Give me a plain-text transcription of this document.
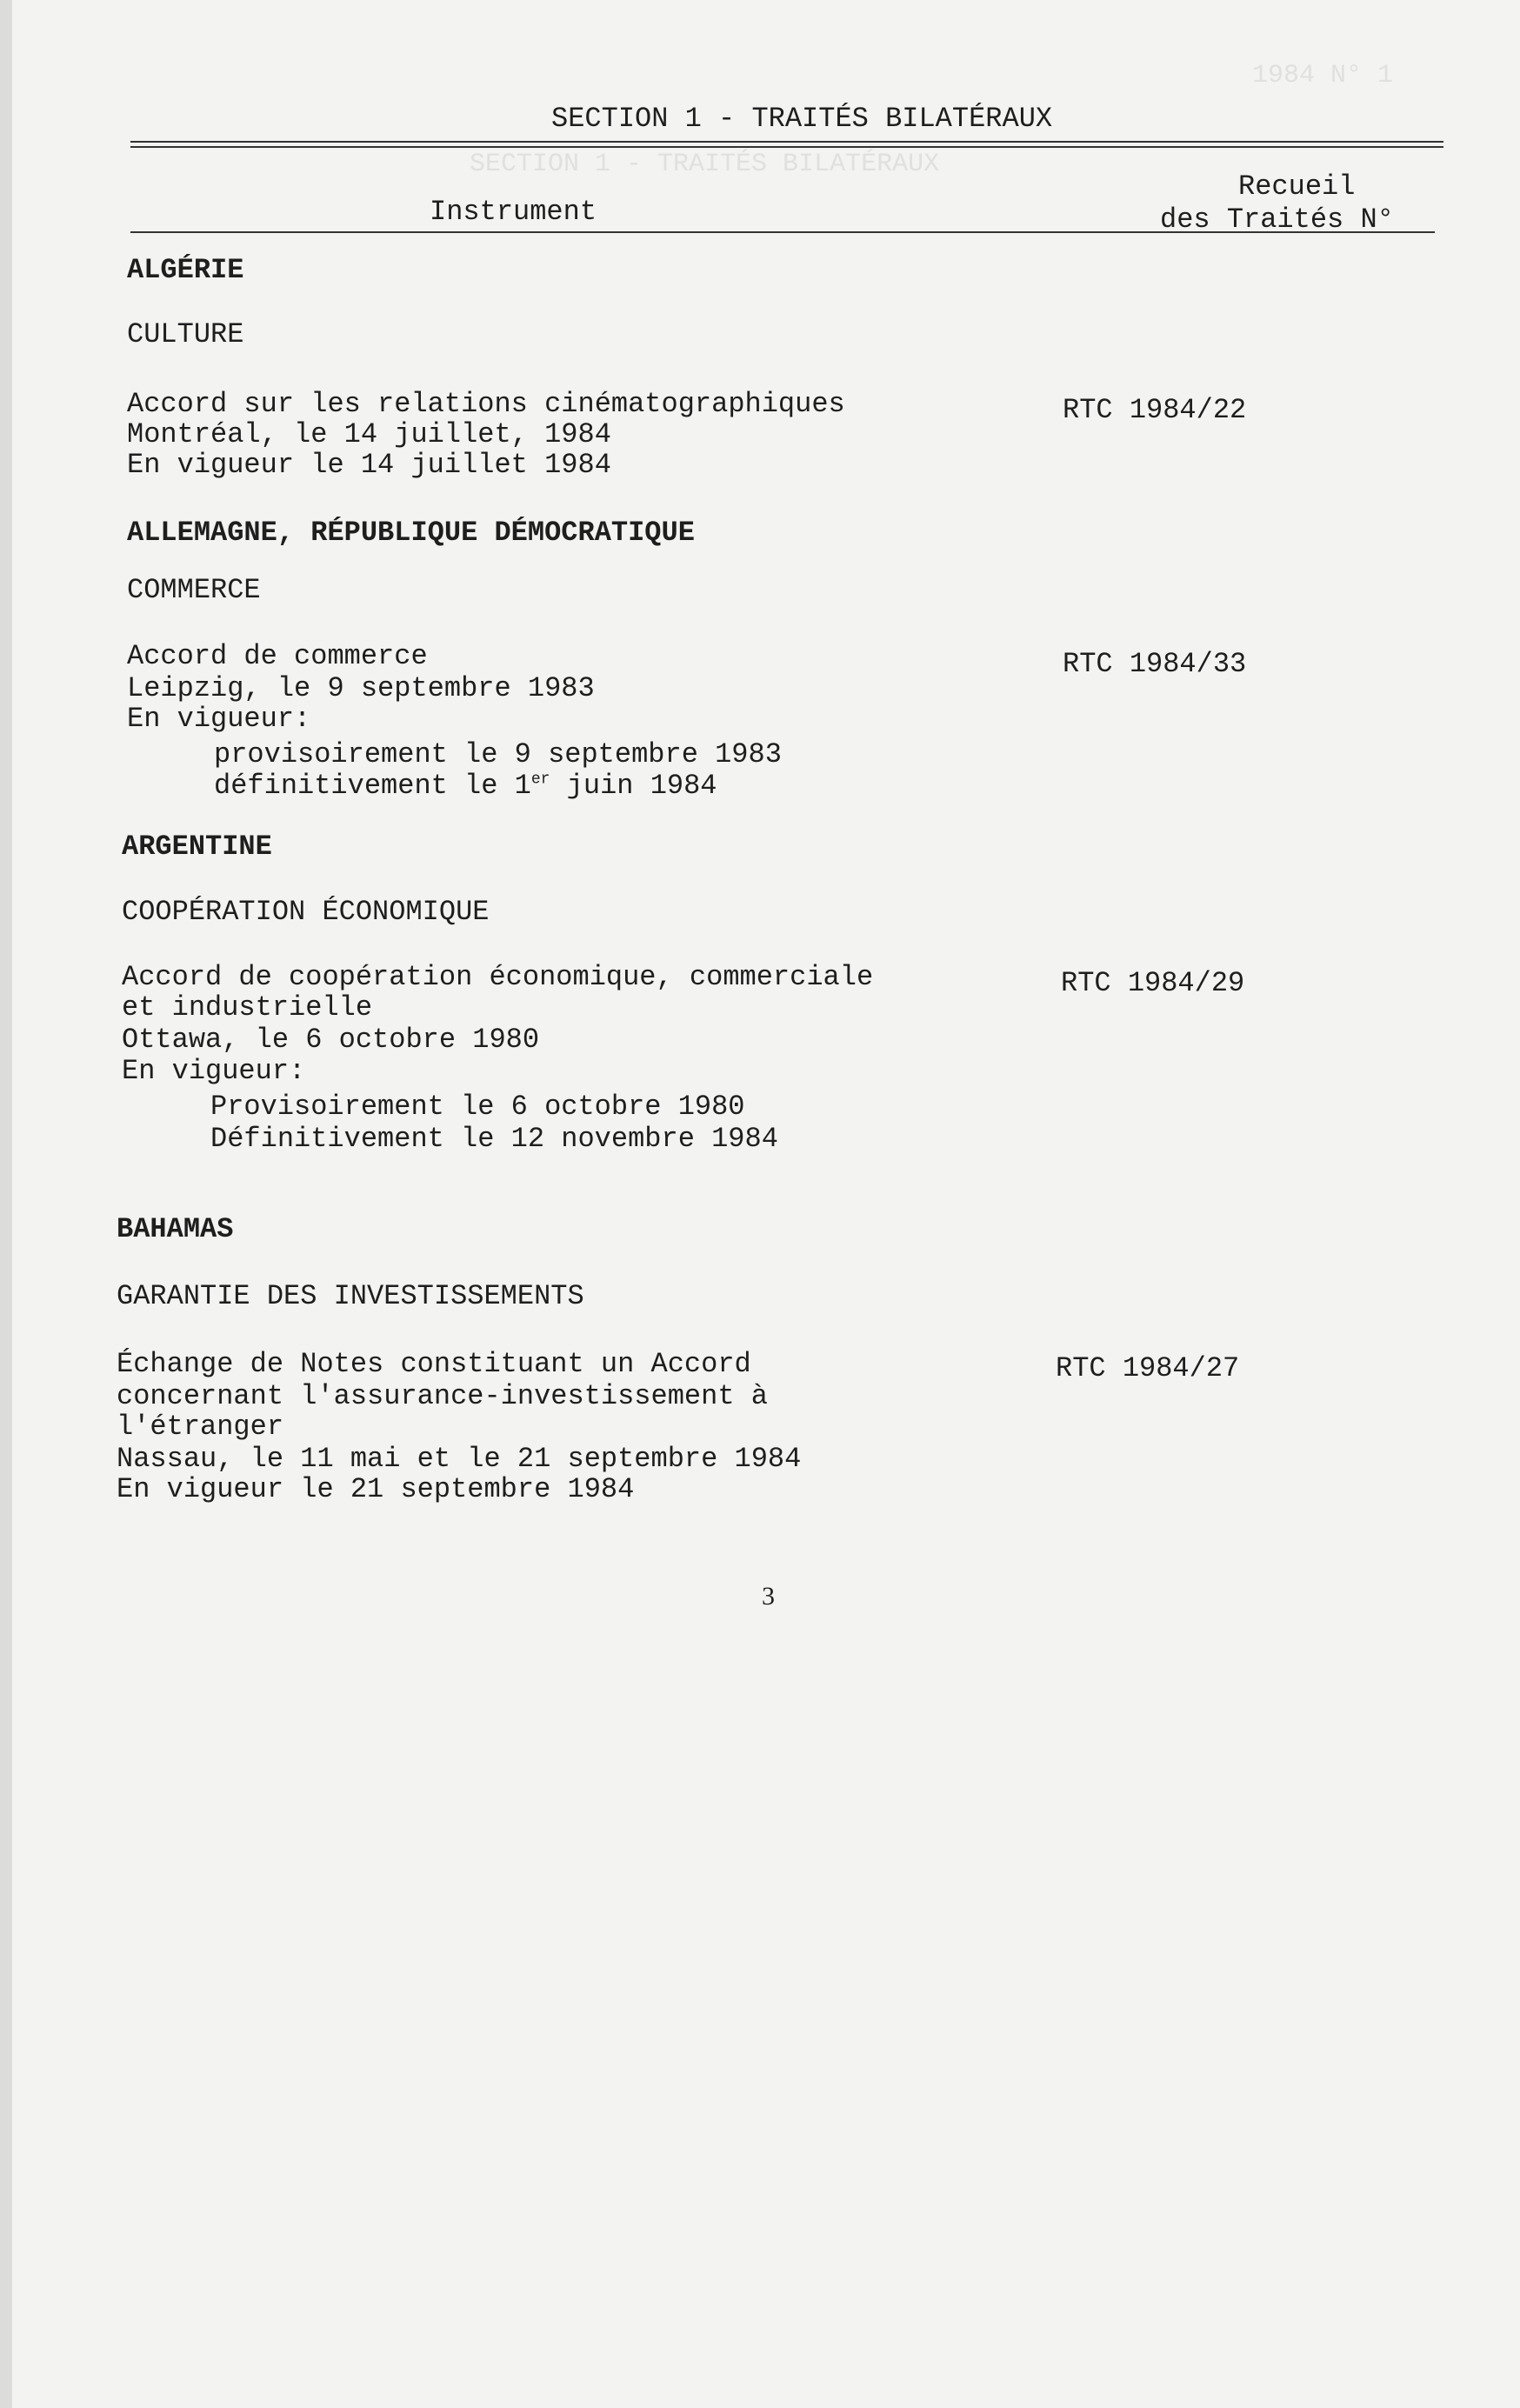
1984 N° 1
SECTION 1 - TRAITÉS BILATÉRAUX
SECTION 1 - TRAITÉS BILATÉRAUX
Instrument
Recueil
des Traités N°
ALGÉRIE
CULTURE
Accord sur les relations cinématographiques
Montréal, le 14 juillet, 1984
En vigueur le 14 juillet 1984
RTC 1984/22
ALLEMAGNE, RÉPUBLIQUE DÉMOCRATIQUE
COMMERCE
Accord de commerce
Leipzig, le 9 septembre 1983
En vigueur:
provisoirement le 9 septembre 1983
définitivement le 1er juin 1984
RTC 1984/33
ARGENTINE
COOPÉRATION ÉCONOMIQUE
Accord de coopération économique, commerciale
et industrielle
Ottawa, le 6 octobre 1980
En vigueur:
Provisoirement le 6 octobre 1980
Définitivement le 12 novembre 1984
RTC 1984/29
BAHAMAS
GARANTIE DES INVESTISSEMENTS
Échange de Notes constituant un Accord
concernant l'assurance-investissement à
l'étranger
Nassau, le 11 mai et le 21 septembre 1984
En vigueur le 21 septembre 1984
RTC 1984/27
3
